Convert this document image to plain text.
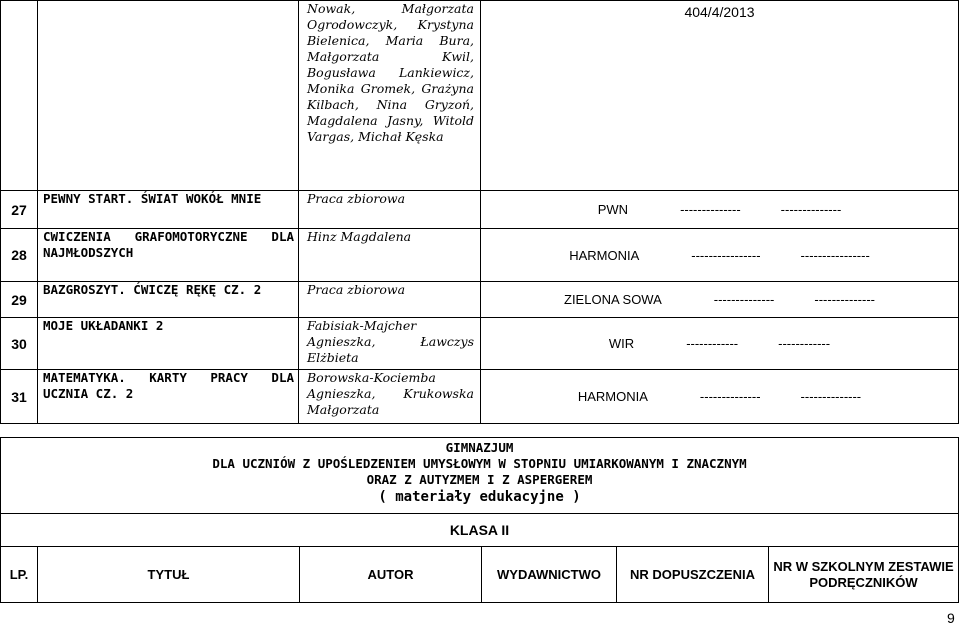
		Nowak, Małgorzata Ogrodowczyk, Krystyna Bielenica, Maria Bura, Małgorzata Kwil, Bogusława Lankiewicz, Monika Gromek, Grażyna Kilbach, Nina Gryzoń, Magdalena Jasny, Witold Vargas, Michał Kęska	404/4/2013
27	PEWNY START. ŚWIAT WOKÓŁ MNIE	Praca zbiorowa	PWN -------------- --------------
28	CWICZENIA GRAFOMOTORYCZNE DLA NAJMŁODSZYCH	Hinz Magdalena	HARMONIA ---------------- ----------------
29	BAZGROSZYT. ĆWICZĘ RĘKĘ CZ. 2	Praca zbiorowa	ZIELONA SOWA -------------- --------------
30	MOJE UKŁADANKI 2	Fabisiak-Majcher Agnieszka, Ławczys Elżbieta	WIR ------------ ------------
31	MATEMATYKA. KARTY PRACY DLA UCZNIA CZ. 2	Borowska-Kociemba Agnieszka, Krukowska Małgorzata	HARMONIA -------------- --------------
GIMNAZJUM
DLA UCZNIÓW Z UPOŚLEDZENIEM UMYSŁOWYM W STOPNIU UMIARKOWANYM I ZNACZNYM
ORAZ Z AUTYZMEM I Z ASPERGEREM
( materiały edukacyjne )

KLASA II
LP.	TYTUŁ	AUTOR	WYDAWNICTWO	NR DOPUSZCZENIA	NR W SZKOLNYM ZESTAWIE PODRĘCZNIKÓW
9
